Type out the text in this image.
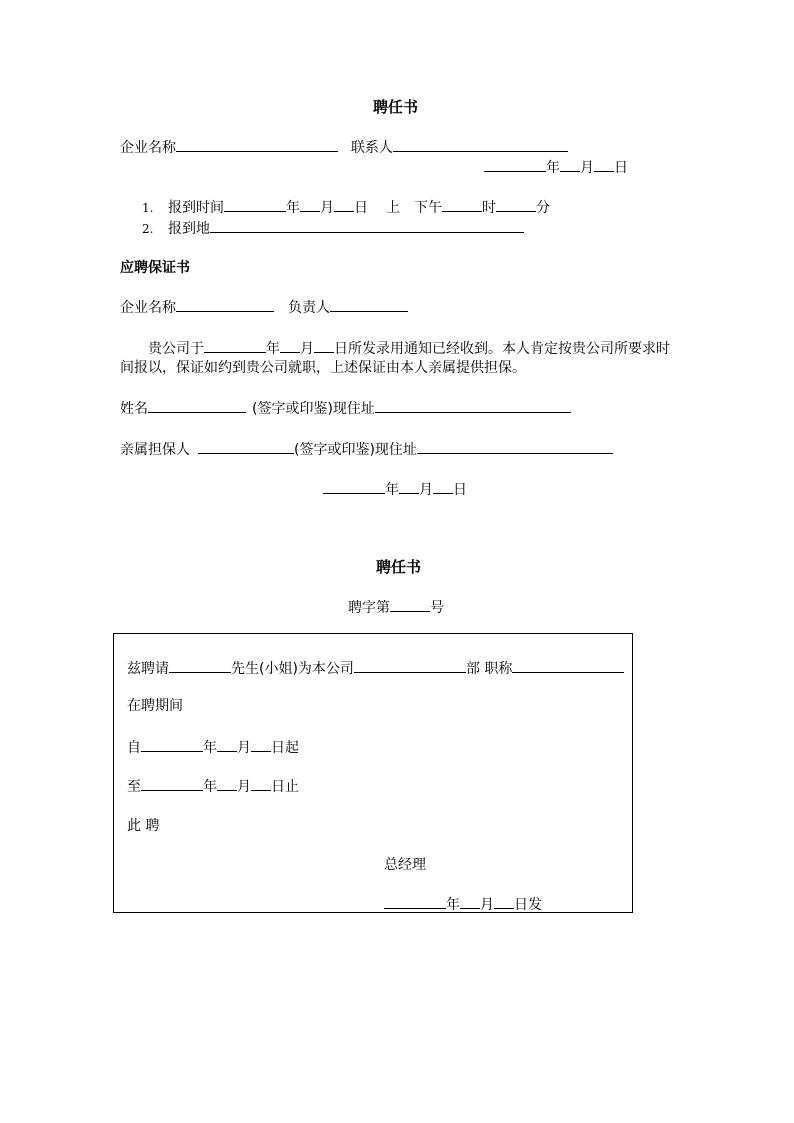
聘任书
企业名称	联系人
年 月 日
1. 报到时间	年 月 日 上 下午	时	分
2. 报到地
应聘保证书
企业名称	负责人
贵公司于	年 月 日所发录用通知已经收到。本人肯定按贵公司所要求时
间报以，保证如约到贵公司就职，上述保证由本人亲属提供担保。
姓名	(签字或印鉴)现住址
亲属担保人	(签字或印鉴)现住址
年 月 日
聘任书
聘字第	号
兹聘请	先生(小姐)为本公司	部 职称
在聘期间
自	年 月 日起
至	年 月 日止
此 聘
总经理
年 月 日发
